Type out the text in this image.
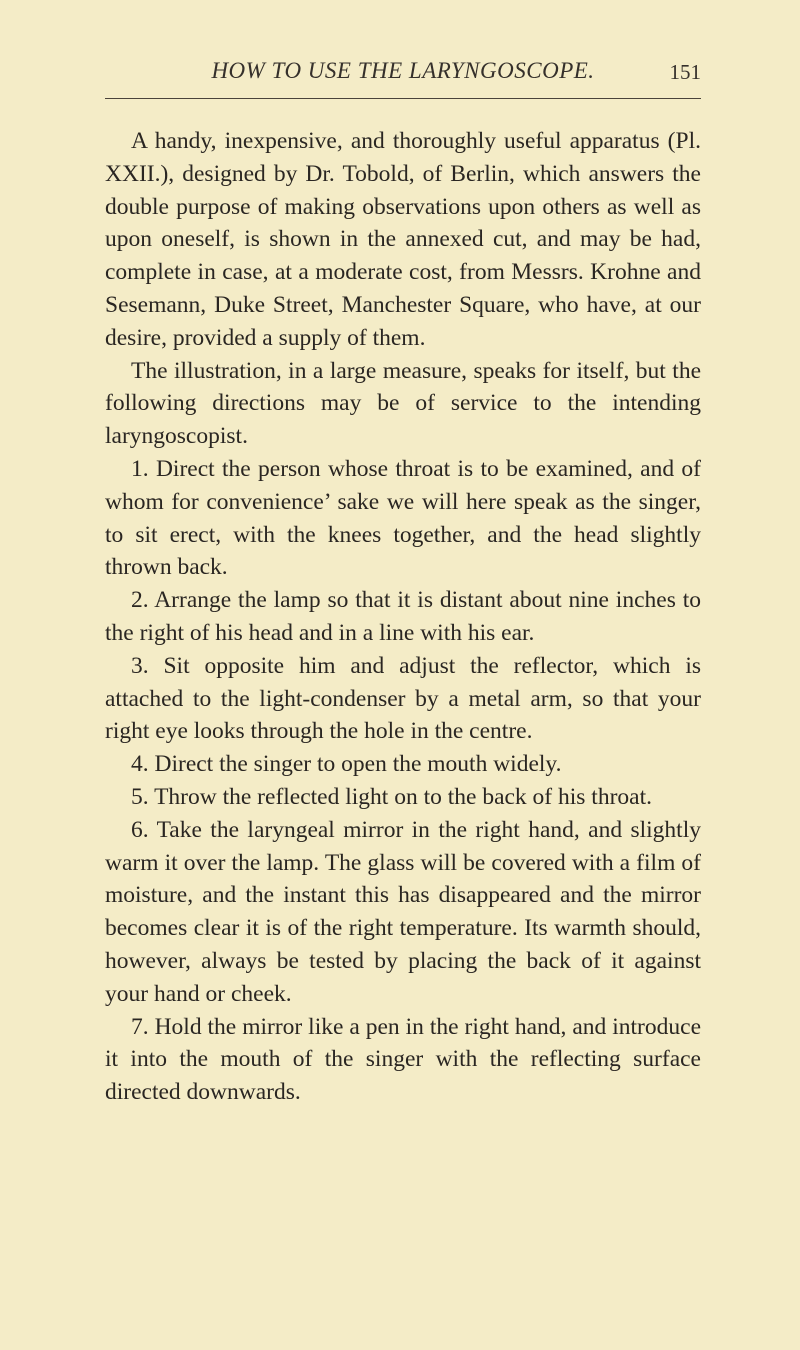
HOW TO USE THE LARYNGOSCOPE.	151

A handy, inexpensive, and thoroughly useful apparatus (Pl. XXII.), designed by Dr. Tobold, of Berlin, which answers the double purpose of making observations upon others as well as upon oneself, is shown in the annexed cut, and may be had, complete in case, at a moderate cost, from Messrs. Krohne and Sesemann, Duke Street, Manchester Square, who have, at our desire, provided a supply of them.

The illustration, in a large measure, speaks for itself, but the following directions may be of service to the intending laryngoscopist.

1. Direct the person whose throat is to be examined, and of whom for convenience’ sake we will here speak as the singer, to sit erect, with the knees together, and the head slightly thrown back.

2. Arrange the lamp so that it is distant about nine inches to the right of his head and in a line with his ear.

3. Sit opposite him and adjust the reflector, which is attached to the light-condenser by a metal arm, so that your right eye looks through the hole in the centre.

4. Direct the singer to open the mouth widely.

5. Throw the reflected light on to the back of his throat.

6. Take the laryngeal mirror in the right hand, and slightly warm it over the lamp. The glass will be covered with a film of moisture, and the instant this has disappeared and the mirror becomes clear it is of the right temperature. Its warmth should, however, always be tested by placing the back of it against your hand or cheek.

7. Hold the mirror like a pen in the right hand, and introduce it into the mouth of the singer with the reflecting surface directed downwards.
